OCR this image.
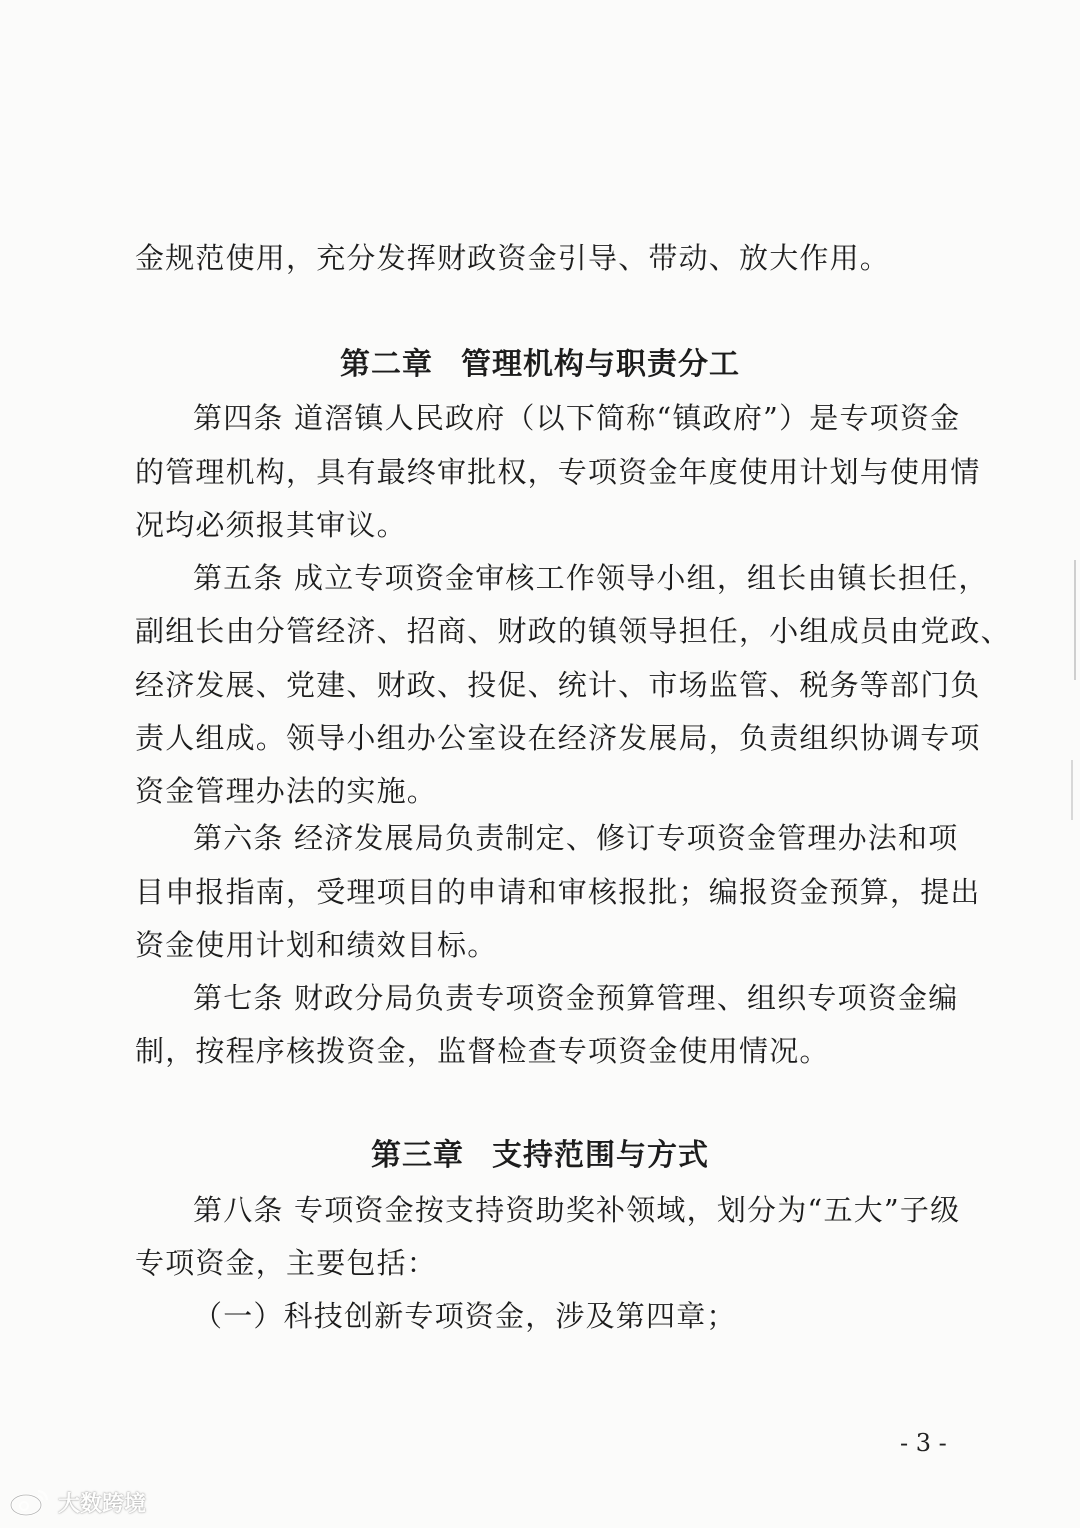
金规范使用，充分发挥财政资金引导、带动、放大作用。
第二章 管理机构与职责分工
第四条 道滘镇人民政府（以下简称“镇政府”）是专项资金
的管理机构，具有最终审批权，专项资金年度使用计划与使用情
况均必须报其审议。
第五条 成立专项资金审核工作领导小组，组长由镇长担任，
副组长由分管经济、招商、财政的镇领导担任，小组成员由党政、
经济发展、党建、财政、投促、统计、市场监管、税务等部门负
责人组成。领导小组办公室设在经济发展局，负责组织协调专项
资金管理办法的实施。
第六条 经济发展局负责制定、修订专项资金管理办法和项
目申报指南，受理项目的申请和审核报批；编报资金预算，提出
资金使用计划和绩效目标。
第七条 财政分局负责专项资金预算管理、组织专项资金编
制，按程序核拨资金，监督检查专项资金使用情况。
第三章 支持范围与方式
第八条 专项资金按支持资助奖补领域，划分为“五大”子级
专项资金，主要包括：
（一）科技创新专项资金，涉及第四章；
- 3 -
大数跨境
